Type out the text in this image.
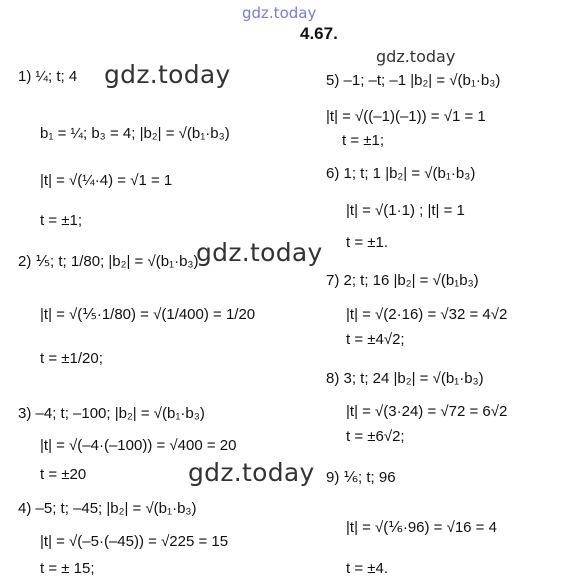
gdz.today
4.67.
gdz.today
gdz.today
gdz.today
gdz.today
1) ¼; t; 4
b₁ = ¼; b₃ = 4; |b₂| = √(b₁·b₃)
|t| = √(¼·4) = √1 = 1
t = ±1;
2) ⅕; t; 1/80; |b₂| = √(b₁·b₃)
|t| = √(⅕·1/80) = √(1/400) = 1/20
t = ±1/20;
3) –4; t; –100; |b₂| = √(b₁·b₃)
|t| = √(–4·(–100)) = √400 = 20
t = ±20
4) –5; t; –45; |b₂| = √(b₁·b₃)
|t| = √(–5·(–45)) = √225 = 15
t = ± 15;
5) –1; –t; –1 |b₂| = √(b₁·b₃)
|t| = √((–1)(–1)) = √1 = 1
t = ±1;
6) 1; t; 1 |b₂| = √(b₁·b₃)
|t| = √(1·1) ; |t| = 1
t = ±1.
7) 2; t; 16 |b₂| = √(b₁b₃)
|t| = √(2·16) = √32 = 4√2
t = ±4√2;
8) 3; t; 24 |b₂| = √(b₁·b₃)
|t| = √(3·24) = √72 = 6√2
t = ±6√2;
9) ⅙; t; 96
|t| = √(⅙·96) = √16 = 4
t = ±4.
